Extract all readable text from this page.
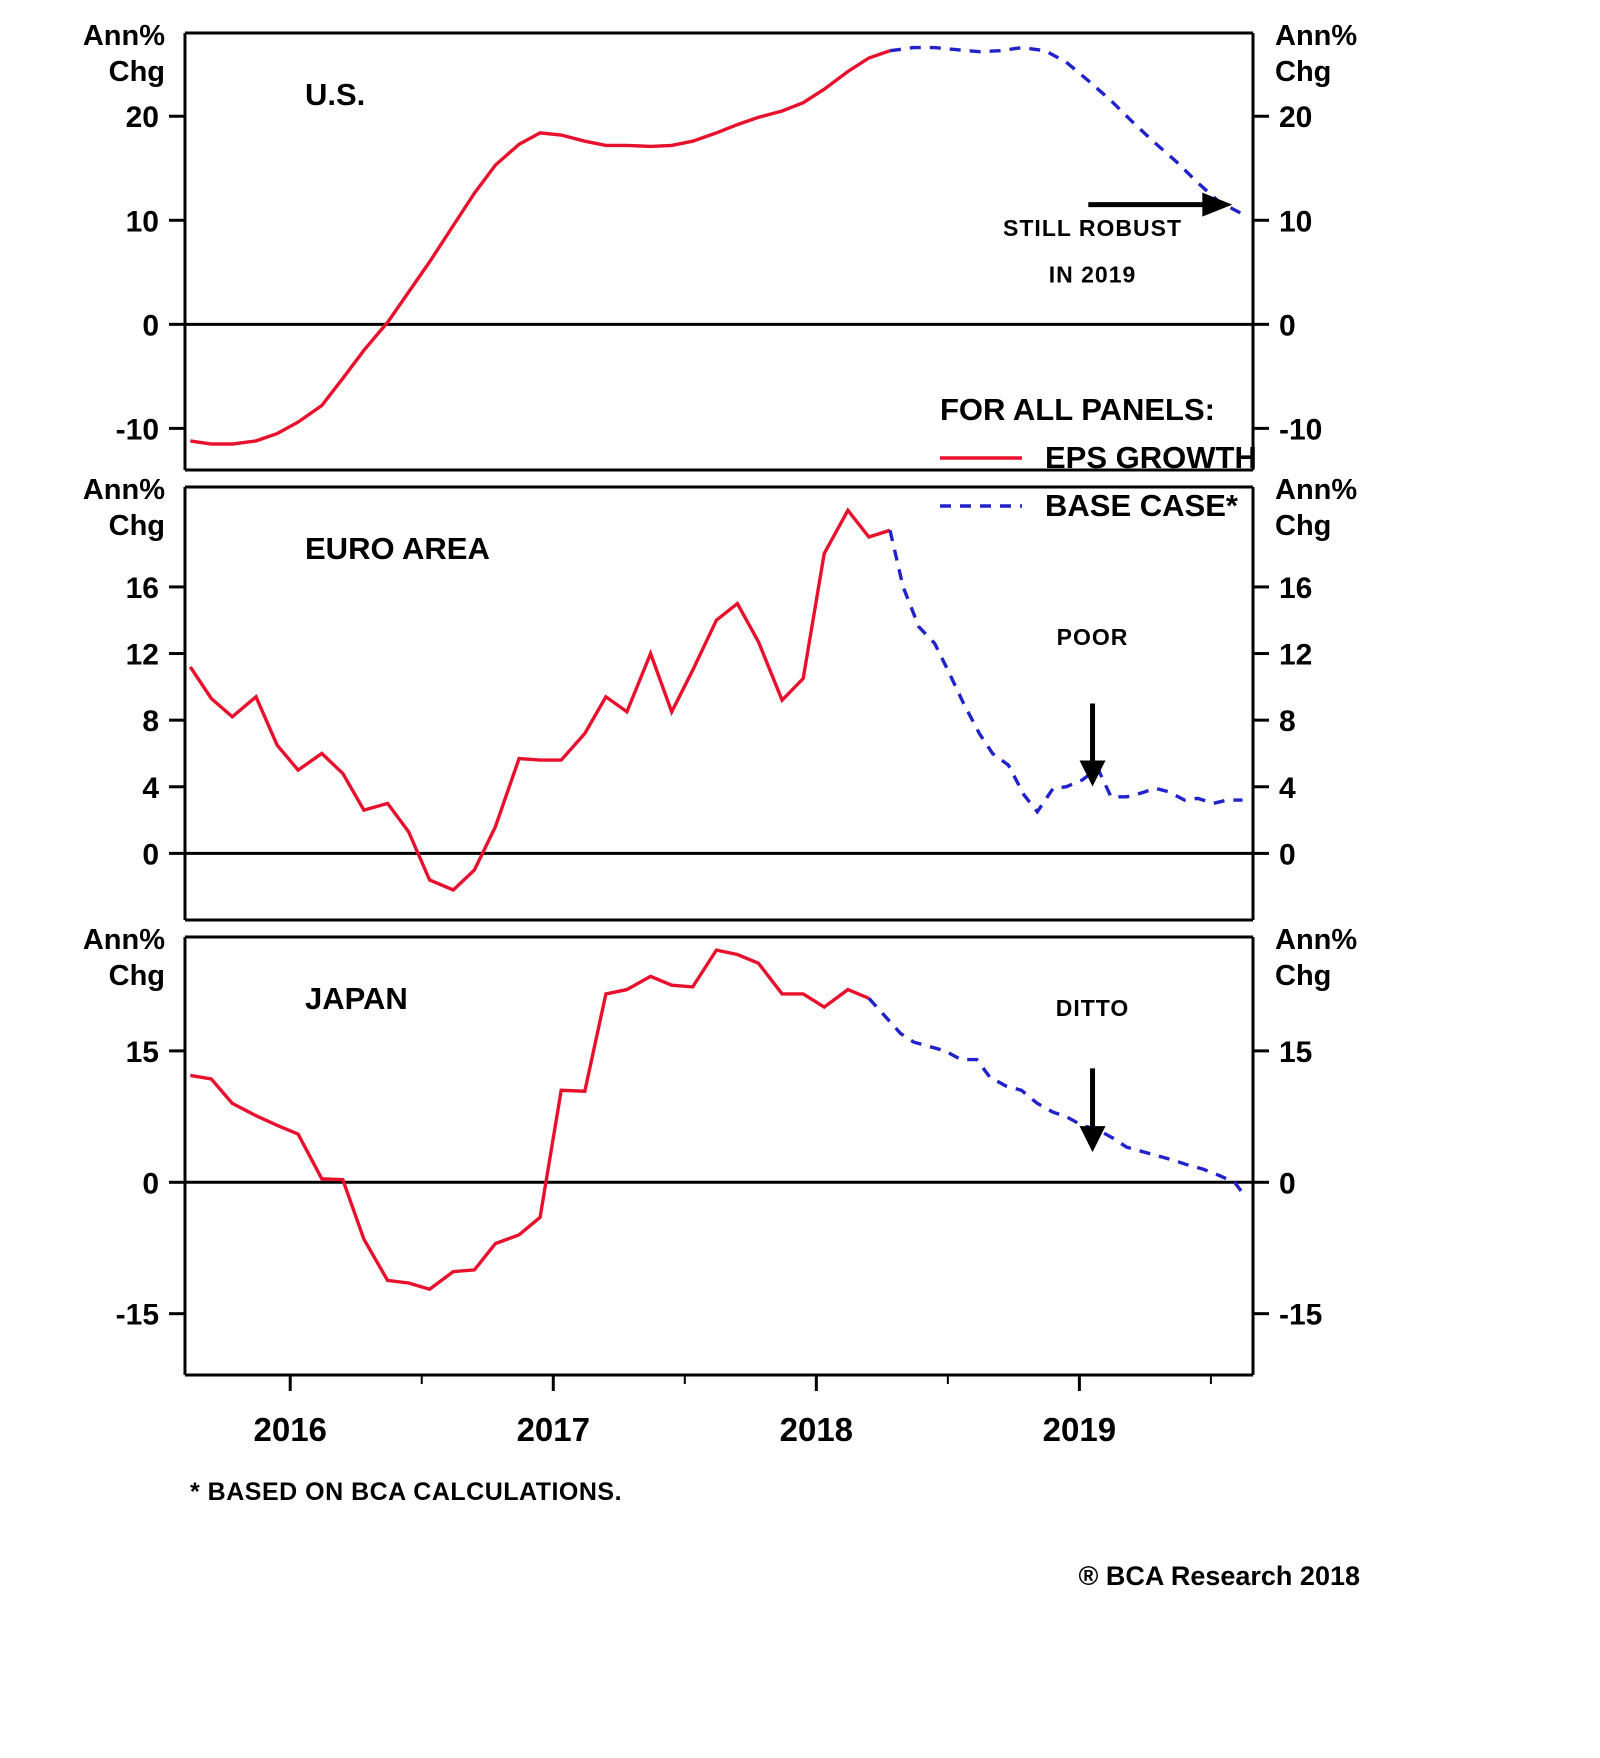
-10	-10
0	0
10	10
20	20
Ann%
Chg
Ann%
Chg
U.S.
STILL ROBUST
IN 2019
0	0
4	4
8	8
12	12
16	16
Ann%
Chg
Ann%
Chg
EURO AREA
POOR
-15	-15
0	0
15	15
Ann%
Chg
Ann%
Chg
JAPAN	DITTO
2016	2017	2018	2019
FOR ALL PANELS:
EPS GROWTH
BASE CASE*
* BASED ON BCA CALCULATIONS.
® BCA Research 2018
